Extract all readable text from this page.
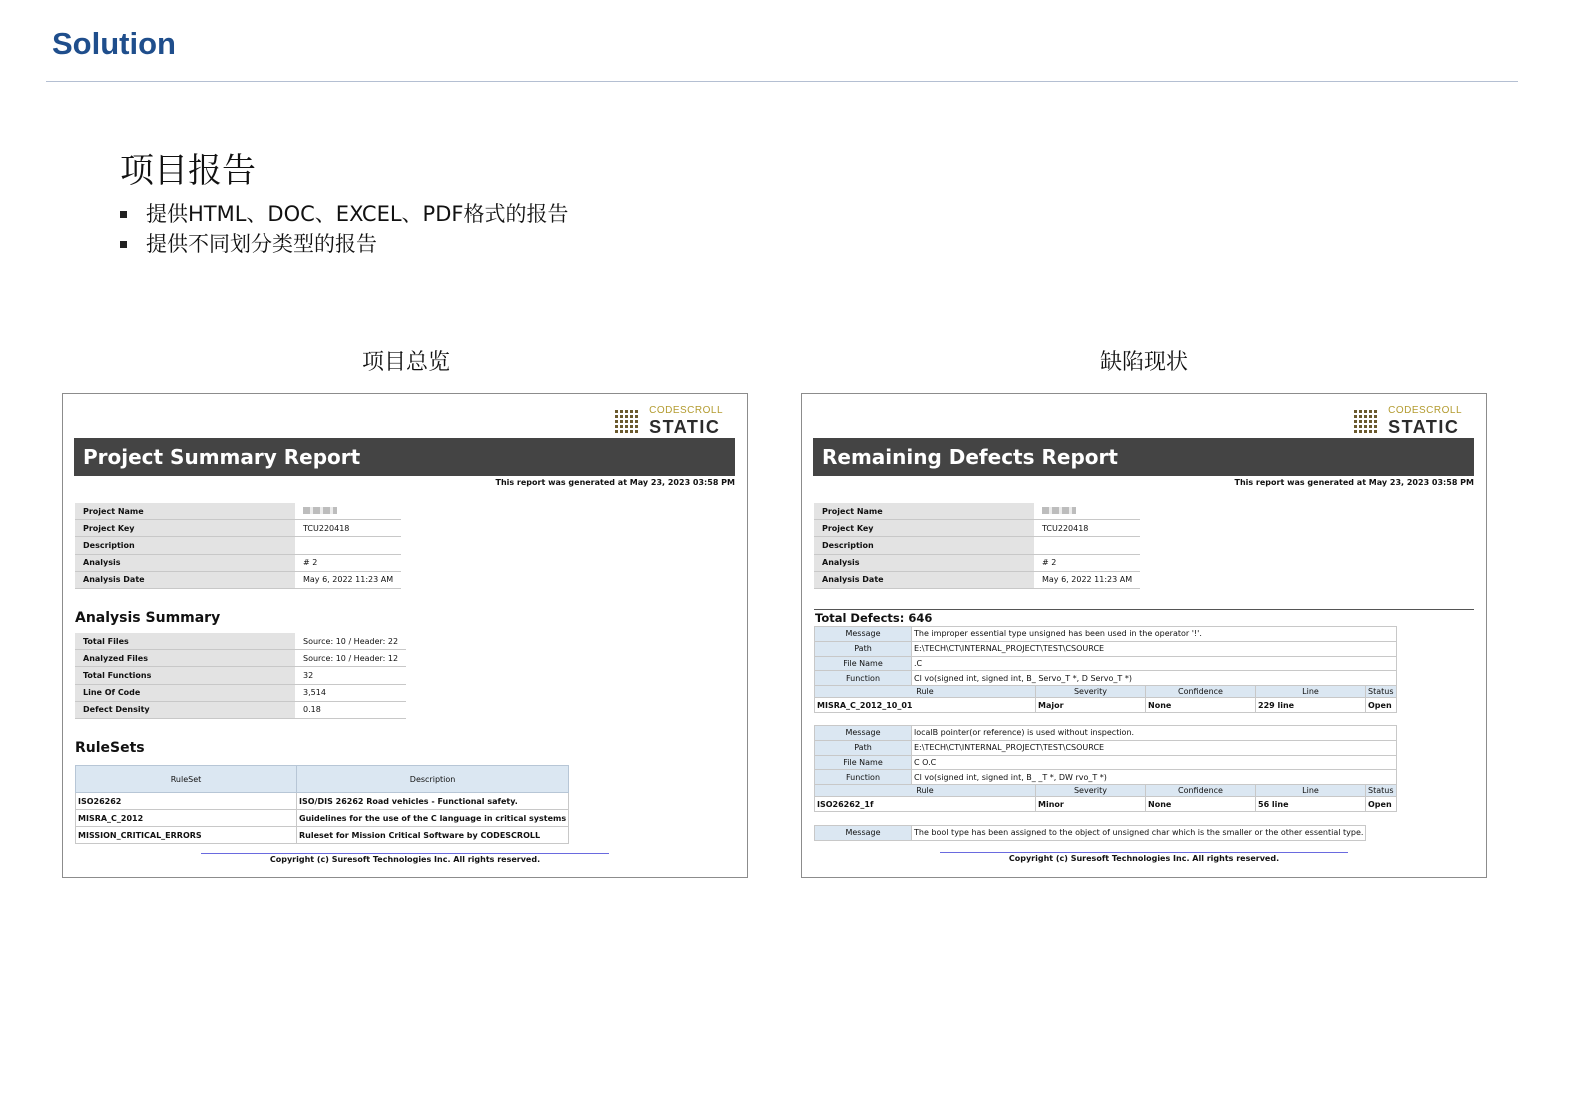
Solution
项目报告
提供HTML、DOC、EXCEL、PDF格式的报告
提供不同划分类型的报告
项目总览
CODESCROLL
STATIC
Project Summary Report
This report was generated at May 23, 2023 03:58 PM
Project Name	
Project Key	TCU220418
Description	
Analysis	# 2
Analysis Date	May 6, 2022 11:23 AM
Analysis Summary
Total Files	Source: 10 / Header: 22
Analyzed Files	Source: 10 / Header: 12
Total Functions	32
Line Of Code	3,514
Defect Density	0.18
RuleSets
RuleSet	Description
ISO26262	ISO/DIS 26262 Road vehicles - Functional safety.
MISRA_C_2012	Guidelines for the use of the C language in critical systems
MISSION_CRITICAL_ERRORS	Ruleset for Mission Critical Software by CODESCROLL
Copyright (c) Suresoft Technologies Inc. All rights reserved.
缺陷现状
CODESCROLL
STATIC
Remaining Defects Report
This report was generated at May 23, 2023 03:58 PM
Project Name	
Project Key	TCU220418
Description	
Analysis	# 2
Analysis Date	May 6, 2022 11:23 AM
Total Defects: 646
Message	The improper essential type unsigned has been used in the operator '!'.				
Path	E:\TECH\CT\INTERNAL_PROJECT\TEST\CSOURCE				
File Name	.C				
Function	Cl vo(signed int, signed int, B_ Servo_T *, D Servo_T *)				
Rule		Severity	Confidence	Line	Status
MISRA_C_2012_10_01		Major	None	229 line	Open
Message	localB pointer(or reference) is used without inspection.				
Path	E:\TECH\CT\INTERNAL_PROJECT\TEST\CSOURCE				
File Name	C O.C				
Function	Cl vo(signed int, signed int, B_ _T *, DW rvo_T *)				
Rule		Severity	Confidence	Line	Status
ISO26262_1f		Minor	None	56 line	Open
Message	The bool type has been assigned to the object of unsigned char which is the smaller or the other essential type.
Copyright (c) Suresoft Technologies Inc. All rights reserved.
